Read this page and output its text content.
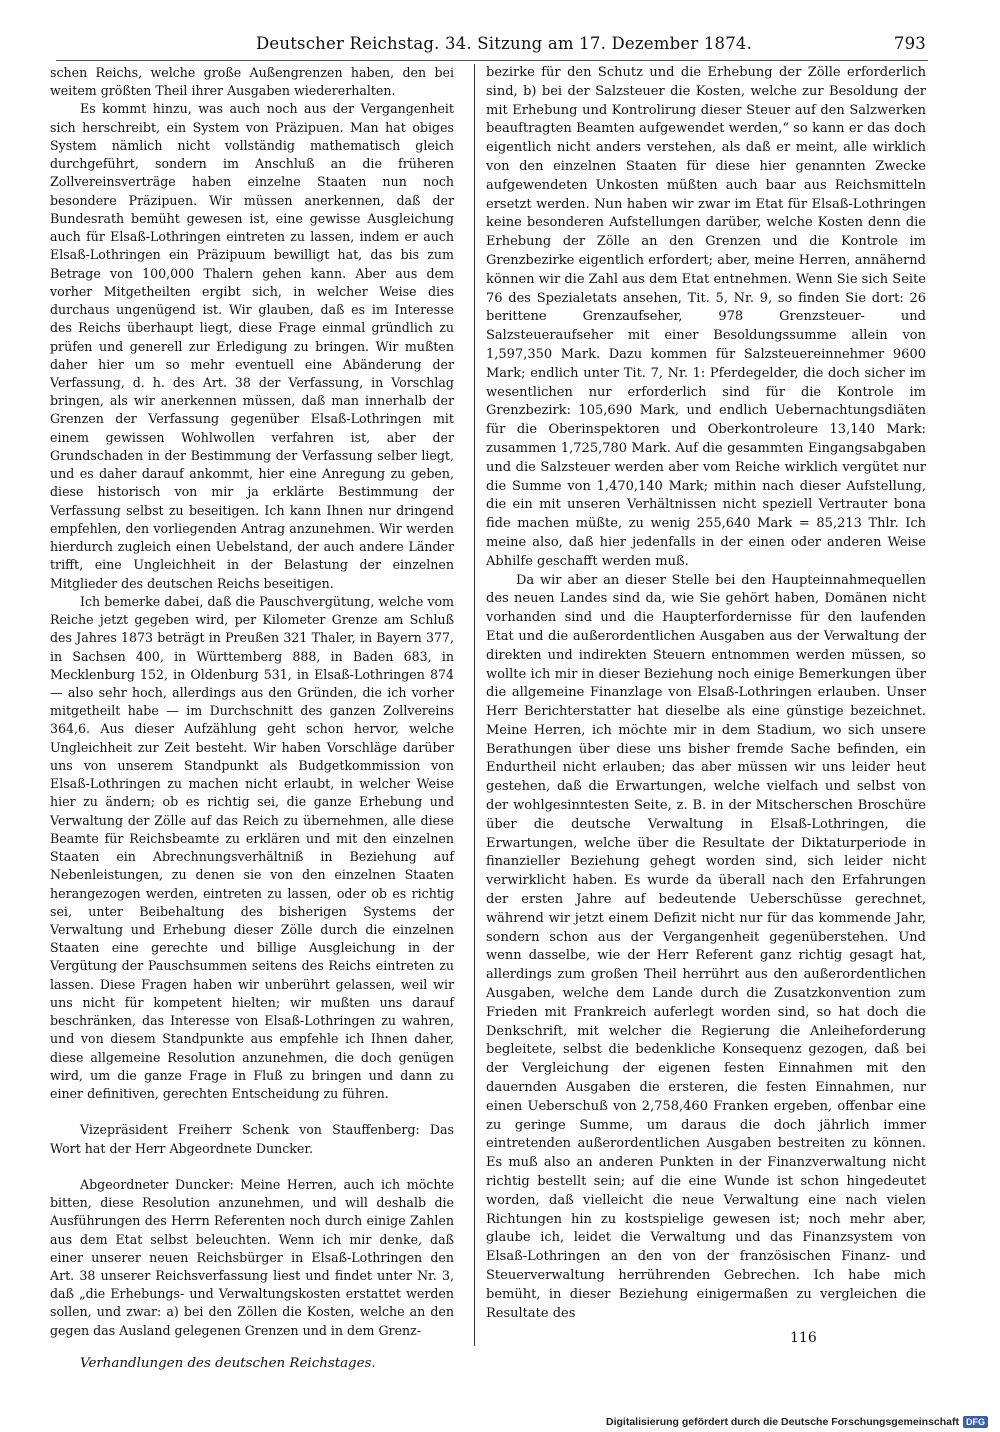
Deutscher Reichstag. 34. Sitzung am 17. Dezember 1874.	793

schen Reichs, welche große Außengrenzen haben, den bei weitem größten Theil ihrer Ausgaben wiedererhalten.

Es kommt hinzu, was auch noch aus der Vergangenheit sich herschreibt, ein System von Präzipuen. Man hat obiges System nämlich nicht vollständig mathematisch gleich durchgeführt, sondern im Anschluß an die früheren Zollvereinsverträge haben einzelne Staaten nun noch besondere Präzipuen. Wir müssen anerkennen, daß der Bundesrath bemüht gewesen ist, eine gewisse Ausgleichung auch für Elsaß-Lothringen eintreten zu lassen, indem er auch Elsaß-Lothringen ein Präzipuum bewilligt hat, das bis zum Betrage von 100,000 Thalern gehen kann. Aber aus dem vorher Mitgetheilten ergibt sich, in welcher Weise dies durchaus ungenügend ist. Wir glauben, daß es im Interesse des Reichs überhaupt liegt, diese Frage einmal gründlich zu prüfen und generell zur Erledigung zu bringen. Wir mußten daher hier um so mehr eventuell eine Abänderung der Verfassung, d. h. des Art. 38 der Verfassung, in Vorschlag bringen, als wir anerkennen müssen, daß man innerhalb der Grenzen der Verfassung gegenüber Elsaß-Lothringen mit einem gewissen Wohlwollen verfahren ist, aber der Grundschaden in der Bestimmung der Verfassung selber liegt, und es daher darauf ankommt, hier eine Anregung zu geben, diese historisch von mir ja erklärte Bestimmung der Verfassung selbst zu beseitigen. Ich kann Ihnen nur dringend empfehlen, den vorliegenden Antrag anzunehmen. Wir werden hierdurch zugleich einen Uebelstand, der auch andere Länder trifft, eine Ungleichheit in der Belastung der einzelnen Mitglieder des deutschen Reichs beseitigen.

Ich bemerke dabei, daß die Pauschvergütung, welche vom Reiche jetzt gegeben wird, per Kilometer Grenze am Schluß des Jahres 1873 beträgt in Preußen 321 Thaler, in Bayern 377, in Sachsen 400, in Württemberg 888, in Baden 683, in Mecklenburg 152, in Oldenburg 531, in Elsaß-Lothringen 874 — also sehr hoch, allerdings aus den Gründen, die ich vorher mitgetheilt habe — im Durchschnitt des ganzen Zollvereins 364,6. Aus dieser Aufzählung geht schon hervor, welche Ungleichheit zur Zeit besteht. Wir haben Vorschläge darüber uns von unserem Standpunkt als Budgetkommission von Elsaß-Lothringen zu machen nicht erlaubt, in welcher Weise hier zu ändern; ob es richtig sei, die ganze Erhebung und Verwaltung der Zölle auf das Reich zu übernehmen, alle diese Beamte für Reichsbeamte zu erklären und mit den einzelnen Staaten ein Abrechnungsverhältniß in Beziehung auf Nebenleistungen, zu denen sie von den einzelnen Staaten herangezogen werden, eintreten zu lassen, oder ob es richtig sei, unter Beibehaltung des bisherigen Systems der Verwaltung und Erhebung dieser Zölle durch die einzelnen Staaten eine gerechte und billige Ausgleichung in der Vergütung der Pauschsummen seitens des Reichs eintreten zu lassen. Diese Fragen haben wir unberührt gelassen, weil wir uns nicht für kompetent hielten; wir mußten uns darauf beschränken, das Interesse von Elsaß-Lothringen zu wahren, und von diesem Standpunkte aus empfehle ich Ihnen daher, diese allgemeine Resolution anzunehmen, die doch genügen wird, um die ganze Frage in Fluß zu bringen und dann zu einer definitiven, gerechten Entscheidung zu führen.

Vizepräsident Freiherr Schenk von Stauffenberg: Das Wort hat der Herr Abgeordnete Duncker.

Abgeordneter Duncker: Meine Herren, auch ich möchte bitten, diese Resolution anzunehmen, und will deshalb die Ausführungen des Herrn Referenten noch durch einige Zahlen aus dem Etat selbst beleuchten. Wenn ich mir denke, daß einer unserer neuen Reichsbürger in Elsaß-Lothringen den Art. 38 unserer Reichsverfassung liest und findet unter Nr. 3, daß „die Erhebungs- und Verwaltungskosten erstattet werden sollen, und zwar: a) bei den Zöllen die Kosten, welche an den gegen das Ausland gelegenen Grenzen und in dem Grenz-

bezirke für den Schutz und die Erhebung der Zölle erforderlich sind, b) bei der Salzsteuer die Kosten, welche zur Besoldung der mit Erhebung und Kontrolirung dieser Steuer auf den Salzwerken beauftragten Beamten aufgewendet werden,“ so kann er das doch eigentlich nicht anders verstehen, als daß er meint, alle wirklich von den einzelnen Staaten für diese hier genannten Zwecke aufgewendeten Unkosten müßten auch baar aus Reichsmitteln ersetzt werden. Nun haben wir zwar im Etat für Elsaß-Lothringen keine besonderen Aufstellungen darüber, welche Kosten denn die Erhebung der Zölle an den Grenzen und die Kontrole im Grenzbezirke eigentlich erfordert; aber, meine Herren, annähernd können wir die Zahl aus dem Etat entnehmen. Wenn Sie sich Seite 76 des Spezialetats ansehen, Tit. 5, Nr. 9, so finden Sie dort: 26 berittene Grenzaufseher, 978 Grenzsteuer- und Salzsteueraufseher mit einer Besoldungssumme allein von 1,597,350 Mark. Dazu kommen für Salzsteuereinnehmer 9600 Mark; endlich unter Tit. 7, Nr. 1: Pferdegelder, die doch sicher im wesentlichen nur erforderlich sind für die Kontrole im Grenzbezirk: 105,690 Mark, und endlich Uebernachtungsdiäten für die Oberinspektoren und Oberkontroleure 13,140 Mark: zusammen 1,725,780 Mark. Auf die gesammten Eingangsabgaben und die Salzsteuer werden aber vom Reiche wirklich vergütet nur die Summe von 1,470,140 Mark; mithin nach dieser Aufstellung, die ein mit unseren Verhältnissen nicht speziell Vertrauter bona fide machen müßte, zu wenig 255,640 Mark = 85,213 Thlr. Ich meine also, daß hier jedenfalls in der einen oder anderen Weise Abhilfe geschafft werden muß.

Da wir aber an dieser Stelle bei den Haupteinnahmequellen des neuen Landes sind da, wie Sie gehört haben, Domänen nicht vorhanden sind und die Haupterfordernisse für den laufenden Etat und die außerordentlichen Ausgaben aus der Verwaltung der direkten und indirekten Steuern entnommen werden müssen, so wollte ich mir in dieser Beziehung noch einige Bemerkungen über die allgemeine Finanzlage von Elsaß-Lothringen erlauben. Unser Herr Berichterstatter hat dieselbe als eine günstige bezeichnet. Meine Herren, ich möchte mir in dem Stadium, wo sich unsere Berathungen über diese uns bisher fremde Sache befinden, ein Endurtheil nicht erlauben; das aber müssen wir uns leider heut gestehen, daß die Erwartungen, welche vielfach und selbst von der wohlgesinntesten Seite, z. B. in der Mitscherschen Broschüre über die deutsche Verwaltung in Elsaß-Lothringen, die Erwartungen, welche über die Resultate der Diktaturperiode in finanzieller Beziehung gehegt worden sind, sich leider nicht verwirklicht haben. Es wurde da überall nach den Erfahrungen der ersten Jahre auf bedeutende Ueberschüsse gerechnet, während wir jetzt einem Defizit nicht nur für das kommende Jahr, sondern schon aus der Vergangenheit gegenüberstehen. Und wenn dasselbe, wie der Herr Referent ganz richtig gesagt hat, allerdings zum großen Theil herrührt aus den außerordentlichen Ausgaben, welche dem Lande durch die Zusatzkonvention zum Frieden mit Frankreich auferlegt worden sind, so hat doch die Denkschrift, mit welcher die Regierung die Anleiheforderung begleitete, selbst die bedenkliche Konsequenz gezogen, daß bei der Vergleichung der eigenen festen Einnahmen mit den dauernden Ausgaben die ersteren, die festen Einnahmen, nur einen Ueberschuß von 2,758,460 Franken ergeben, offenbar eine zu geringe Summe, um daraus die doch jährlich immer eintretenden außerordentlichen Ausgaben bestreiten zu können. Es muß also an anderen Punkten in der Finanzverwaltung nicht richtig bestellt sein; auf die eine Wunde ist schon hingedeutet worden, daß vielleicht die neue Verwaltung eine nach vielen Richtungen hin zu kostspielige gewesen ist; noch mehr aber, glaube ich, leidet die Verwaltung und das Finanzsystem von Elsaß-Lothringen an den von der französischen Finanz- und Steuerverwaltung herrührenden Gebrechen. Ich habe mich bemüht, in dieser Beziehung einigermaßen zu vergleichen die Resultate des

Verhandlungen des deutschen Reichstages.
116
Digitalisierung gefördert durch die Deutsche Forschungsgemeinschaft DFG
